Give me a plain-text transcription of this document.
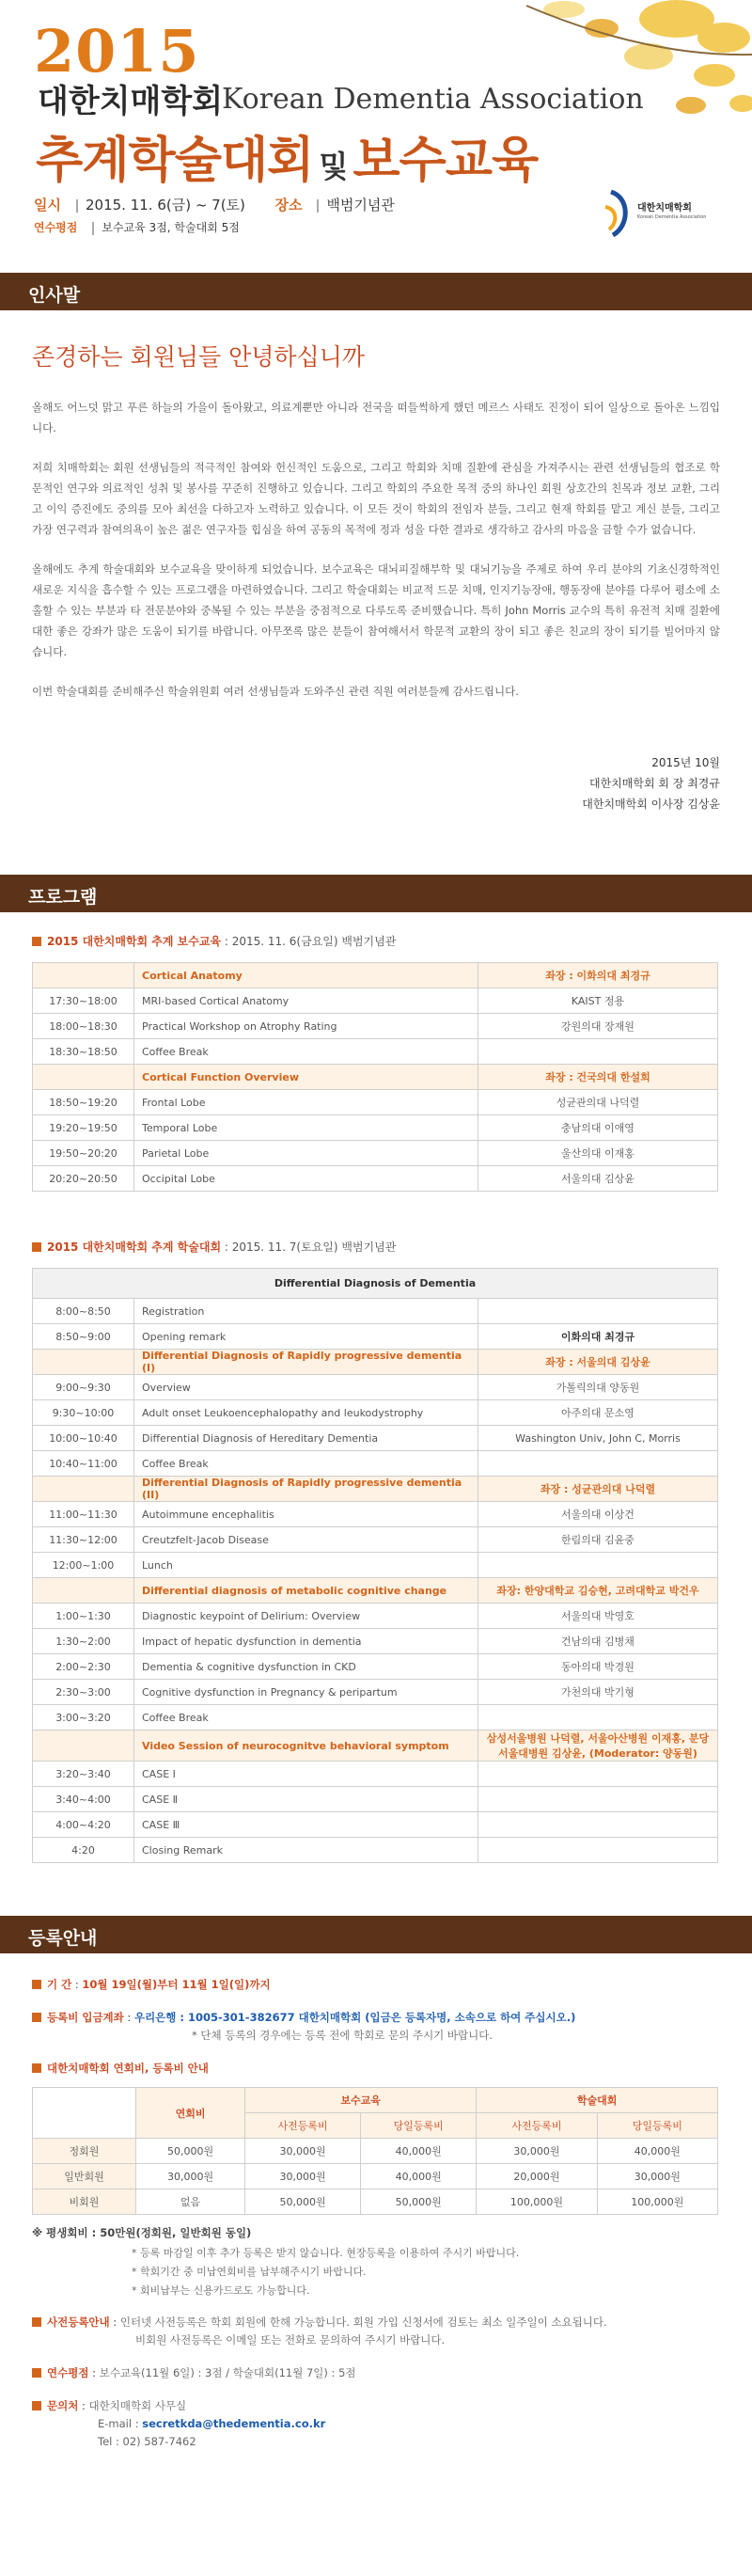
2015
대한치매학회
Korean Dementia Association
추계학술대회 및 보수교육
일시 2015. 11. 6(금) ~ 7(토) 장소 백범기념관
연수평점 보수교육 3점, 학술대회 5점
대한치매학회
Korean Dementia Association
인사말
존경하는 회원님들 안녕하십니까

올해도 어느덧 맑고 푸른 하늘의 가을이 돌아왔고, 의료계뿐만 아니라 전국을 떠들썩하게 했던 메르스 사태도 진정이 되어 일상으로 돌아온 느낌입니다.

저희 치매학회는 회원 선생님들의 적극적인 참여와 헌신적인 도움으로, 그리고 학회와 치매 질환에 관심을 가져주시는 관련 선생님들의 협조로 학문적인 연구와 의료적인 성취 및 봉사를 꾸준히 진행하고 있습니다. 그리고 학회의 주요한 목적 중의 하나인 회원 상호간의 친목과 정보 교환, 그리고 이익 증진에도 중의를 모아 최선을 다하고자 노력하고 있습니다. 이 모든 것이 학회의 전임자 분들, 그리고 현재 학회를 맡고 계신 분들, 그리고 가장 연구력과 참여의욕이 높은 젊은 연구자들 힙심을 하여 공동의 목적에 정과 성을 다한 결과로 생각하고 감사의 마음을 금할 수가 없습니다.

올해에도 추계 학술대회와 보수교육을 맞이하게 되었습니다. 보수교육은 대뇌피질해부학 및 대뇌기능을 주제로 하여 우리 분야의 기초신경학적인 새로운 지식을 흡수할 수 있는 프로그램을 마련하였습니다. 그리고 학술대회는 비교적 드문 치매, 인지기능장애, 행동장애 분야를 다루어 평소에 소홀할 수 있는 부분과 타 전문분야와 중복될 수 있는 부분을 중점적으로 다루도록 준비했습니다. 특히 John Morris 교수의 특히 유전적 치매 질환에 대한 좋은 강좌가 많은 도움이 되기를 바랍니다. 아무쪼록 많은 분들이 참여해서서 학문적 교환의 장이 되고 좋은 친교의 장이 되기를 빌어마지 않습니다.

이번 학술대회를 준비해주신 학술위원회 여러 선생님들과 도와주신 관련 직원 여러분들께 감사드립니다.

2015년 10월
대한치매학회 회 장 최경규
대한치매학회 이사장 김상윤
프로그램
2015 대한치매학회 추계 보수교육 : 2015. 11. 6(금요일) 백범기념관
	Cortical Anatomy	좌장 : 이화의대 최경규
17:30~18:00	MRI-based Cortical Anatomy	KAIST 정용
18:00~18:30	Practical Workshop on Atrophy Rating	강원의대 장재원
18:30~18:50	Coffee Break	
	Cortical Function Overview	좌장 : 건국의대 한설희
18:50~19:20	Frontal Lobe	성균관의대 나덕렬
19:20~19:50	Temporal Lobe	충남의대 이애영
19:50~20:20	Parietal Lobe	울산의대 이재홍
20:20~20:50	Occipital Lobe	서울의대 김상윤
2015 대한치매학회 추계 학술대회 : 2015. 11. 7(토요일) 백범기념관
Differential Diagnosis of Dementia		
8:00~8:50	Registration	
8:50~9:00	Opening remark	이화의대 최경규
	Differential Diagnosis of Rapidly progressive dementia (I)	좌장 : 서울의대 김상윤
9:00~9:30	Overview	가톨릭의대 양동원
9:30~10:00	Adult onset Leukoencephalopathy and leukodystrophy	아주의대 문소영
10:00~10:40	Differential Diagnosis of Hereditary Dementia	Washington Univ, John C, Morris
10:40~11:00	Coffee Break	
	Differential Diagnosis of Rapidly progressive dementia (II)	좌장 : 성균관의대 나덕렬
11:00~11:30	Autoimmune encephalitis	서울의대 이상건
11:30~12:00	Creutzfelt-Jacob Disease	한림의대 김윤중
12:00~1:00	Lunch	
	Differential diagnosis of metabolic cognitive change	좌장: 한양대학교 김승현, 고려대학교 박건우
1:00~1:30	Diagnostic keypoint of Delirium: Overview	서울의대 박영호
1:30~2:00	Impact of hepatic dysfunction in dementia	건남의대 김병채
2:00~2:30	Dementia & cognitive dysfunction in CKD	동아의대 박경원
2:30~3:00	Cognitive dysfunction in Pregnancy & peripartum	가천의대 박기형
3:00~3:20	Coffee Break	
	Video Session of neurocognitve behavioral symptom	삼성서울병원 나덕렬, 서울아산병원 이재홍, 분당서울대병원 김상윤, (Moderator: 양동원)
3:20~3:40	CASE Ⅰ	
3:40~4:00	CASE Ⅱ	
4:00~4:20	CASE Ⅲ	
4:20	Closing Remark	
등록안내
기 간 : 10월 19일(월)부터 11월 1일(일)까지
등록비 입금계좌 : 우리은행 : 1005-301-382677 대한치매학회 (입금은 등록자명, 소속으로 하여 주십시오.)
* 단체 등록의 경우에는 등록 전에 학회로 문의 주시기 바랍니다.
대한치매학회 연회비, 등록비 안내
	연회비	보수교육		학술대회	
		사전등록비	당일등록비	사전등록비	당일등록비
정회원	50,000원	30,000원	40,000원	30,000원	40,000원
일반회원	30,000원	30,000원	40,000원	20,000원	30,000원
비회원	없음	50,000원	50,000원	100,000원	100,000원
※ 평생회비 : 50만원(정회원, 일반회원 동일)
* 등록 마감일 이후 추가 등록은 받지 않습니다. 현장등록을 이용하여 주시기 바랍니다.
* 학회기간 중 미납연회비를 납부해주시기 바랍니다.
* 회비납부는 신용카드로도 가능합니다.
사전등록안내 : 인터넷 사전등록은 학회 회원에 한해 가능합니다. 회원 가입 신청서에 검토는 최소 일주일이 소요됩니다.
비회원 사전등록은 이메일 또는 전화로 문의하여 주시기 바랍니다.
연수평점 : 보수교육(11월 6일) : 3점 / 학술대회(11월 7일) : 5점
문의처 : 대한치매학회 사무실
E-mail : secretkda@thedementia.co.kr
Tel : 02) 587-7462
